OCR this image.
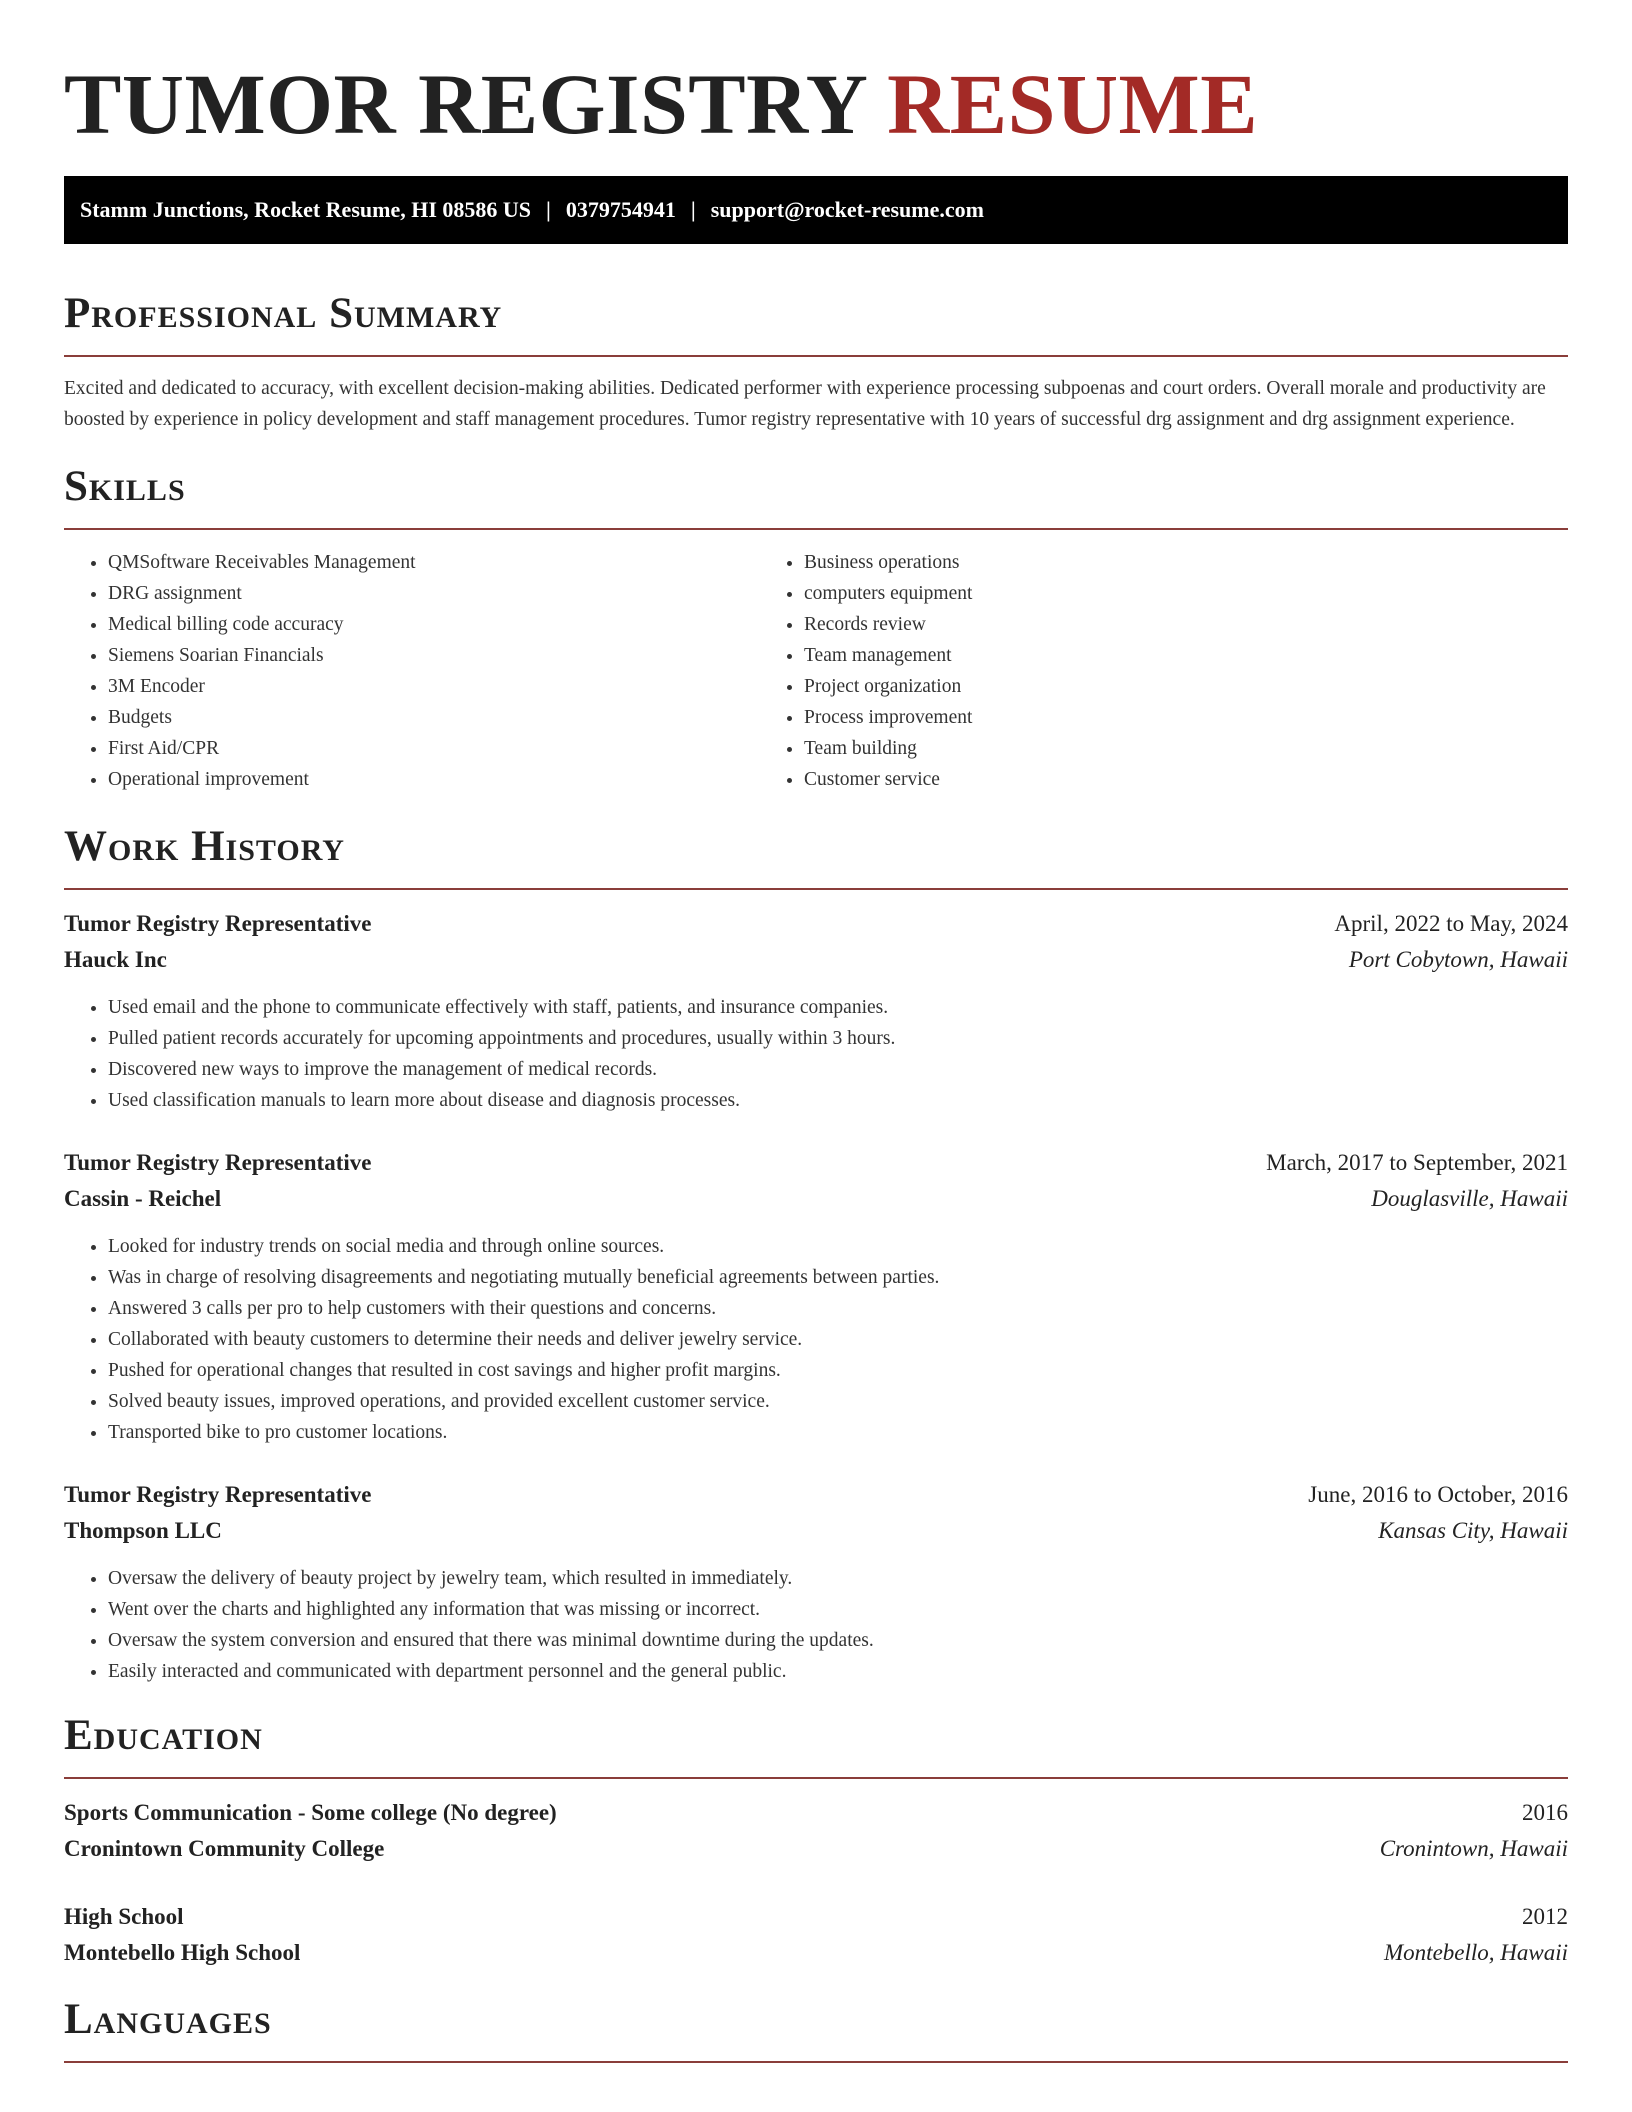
TUMOR REGISTRY RESUME
Stamm Junctions, Rocket Resume, HI 08586 US | 0379754941 | support@rocket-resume.com
Professional Summary

Excited and dedicated to accuracy, with excellent decision-making abilities. Dedicated performer with experience processing subpoenas and court orders. Overall morale and productivity are boosted by experience in policy development and staff management procedures. Tumor registry representative with 10 years of successful drg assignment and drg assignment experience.

Skills
• QMSoftware Receivables Management
• DRG assignment
• Medical billing code accuracy
• Siemens Soarian Financials
• 3M Encoder
• Budgets
• First Aid/CPR
• Operational improvement
• Business operations
• computers equipment
• Records review
• Team management
• Project organization
• Process improvement
• Team building
• Customer service
Work History
Tumor Registry Representative	April, 2022 to May, 2024
Hauck Inc	Port Cobytown, Hawaii
• Used email and the phone to communicate effectively with staff, patients, and insurance companies.
• Pulled patient records accurately for upcoming appointments and procedures, usually within 3 hours.
• Discovered new ways to improve the management of medical records.
• Used classification manuals to learn more about disease and diagnosis processes.
Tumor Registry Representative	March, 2017 to September, 2021
Cassin - Reichel	Douglasville, Hawaii
• Looked for industry trends on social media and through online sources.
• Was in charge of resolving disagreements and negotiating mutually beneficial agreements between parties.
• Answered 3 calls per pro to help customers with their questions and concerns.
• Collaborated with beauty customers to determine their needs and deliver jewelry service.
• Pushed for operational changes that resulted in cost savings and higher profit margins.
• Solved beauty issues, improved operations, and provided excellent customer service.
• Transported bike to pro customer locations.
Tumor Registry Representative	June, 2016 to October, 2016
Thompson LLC	Kansas City, Hawaii
• Oversaw the delivery of beauty project by jewelry team, which resulted in immediately.
• Went over the charts and highlighted any information that was missing or incorrect.
• Oversaw the system conversion and ensured that there was minimal downtime during the updates.
• Easily interacted and communicated with department personnel and the general public.
Education
Sports Communication - Some college (No degree)	2016
Cronintown Community College	Cronintown, Hawaii
High School	2012
Montebello High School	Montebello, Hawaii
Languages
